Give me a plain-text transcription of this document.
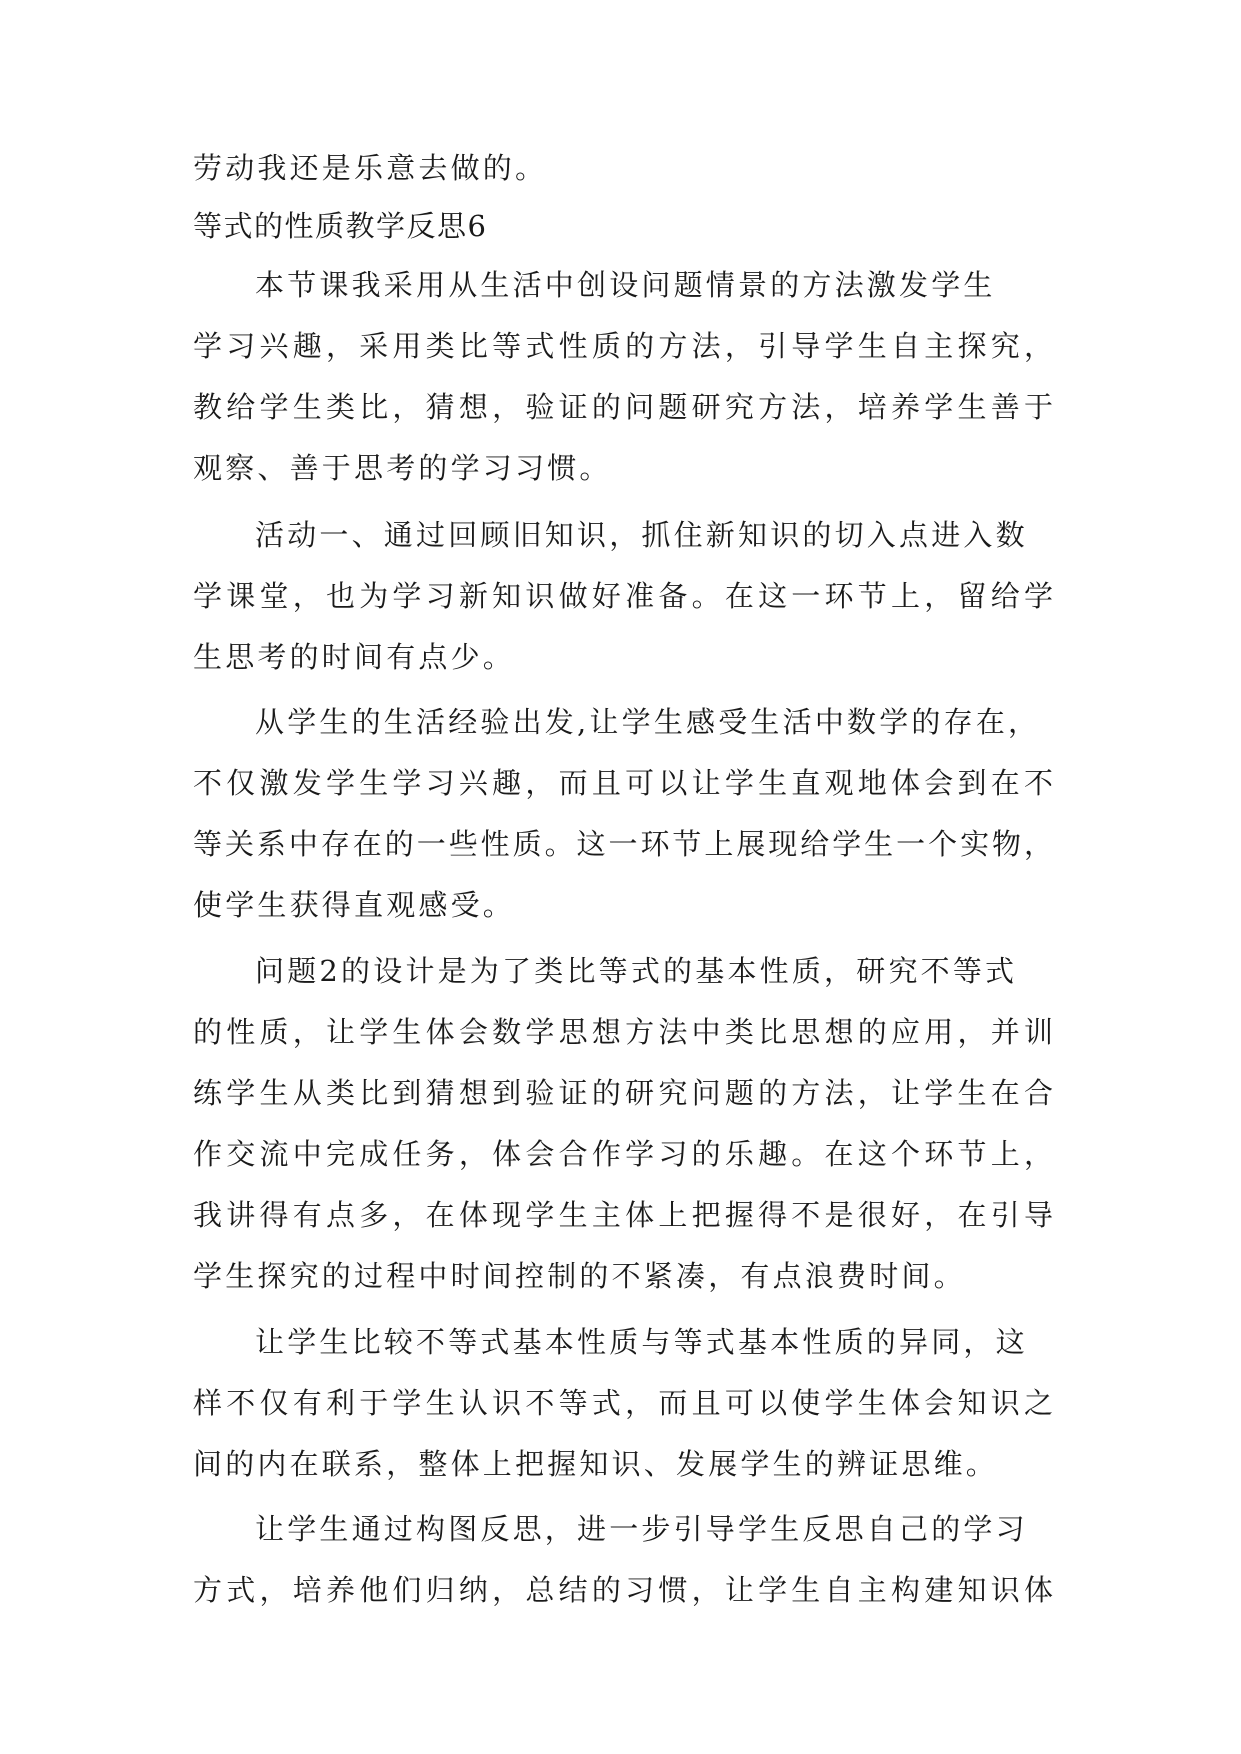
劳动我还是乐意去做的。

等式的性质教学反思6

本节课我采用从生活中创设问题情景的方法激发学生

学习兴趣，采用类比等式性质的方法，引导学生自主探究，

教给学生类比，猜想，验证的问题研究方法，培养学生善于

观察、善于思考的学习习惯。

活动一、通过回顾旧知识，抓住新知识的切入点进入数

学课堂，也为学习新知识做好准备。在这一环节上，留给学

生思考的时间有点少。

从学生的生活经验出发,让学生感受生活中数学的存在，

不仅激发学生学习兴趣，而且可以让学生直观地体会到在不

等关系中存在的一些性质。这一环节上展现给学生一个实物，

使学生获得直观感受。

问题2的设计是为了类比等式的基本性质，研究不等式

的性质，让学生体会数学思想方法中类比思想的应用，并训

练学生从类比到猜想到验证的研究问题的方法，让学生在合

作交流中完成任务，体会合作学习的乐趣。在这个环节上，

我讲得有点多，在体现学生主体上把握得不是很好，在引导

学生探究的过程中时间控制的不紧凑，有点浪费时间。

让学生比较不等式基本性质与等式基本性质的异同，这

样不仅有利于学生认识不等式，而且可以使学生体会知识之

间的内在联系，整体上把握知识、发展学生的辨证思维。

让学生通过构图反思，进一步引导学生反思自己的学习

方式，培养他们归纳，总结的习惯，让学生自主构建知识体
